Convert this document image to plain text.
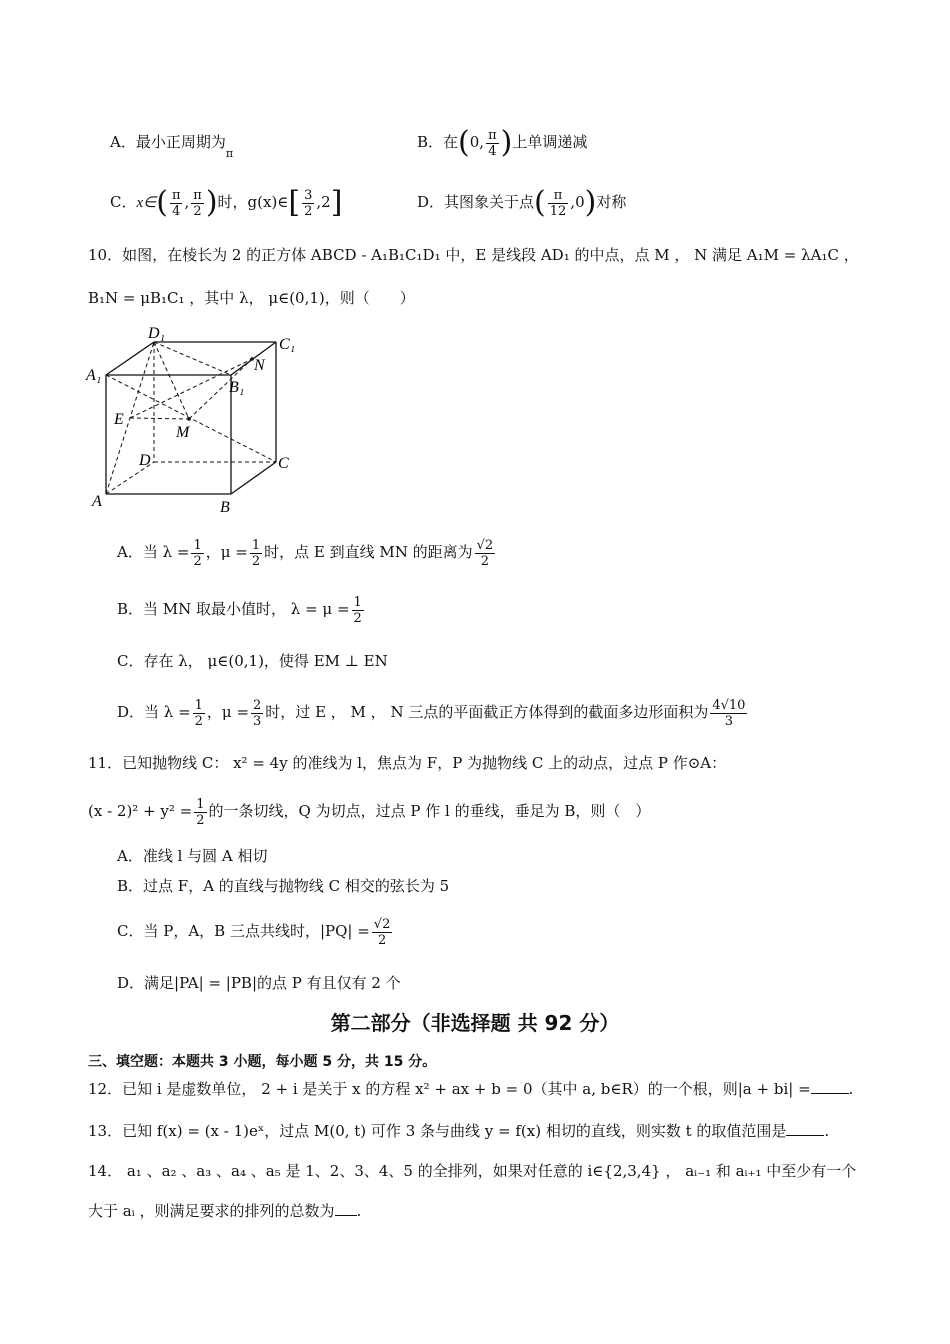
A．最小正周期为$_\pi$
B．在(0, $\frac{\pi}{4}$ )上单调递减
C．x∈( $\frac{\pi}{4}$ , $\frac{\pi}{2}$ )时，g(x)∈[ $\frac{3}{2} ,2$]	D．其图象关于点( $\frac{\pi}{12} ,0$)对称
10．如图，在棱长为 2 的正方体 ABCD - A₁B₁C₁D₁ 中，E 是线段 AD₁ 的中点，点 M ， N 满足 A₁M = λA₁C ，
B₁N = μB₁C₁ ，其中 λ， μ∈(0,1)，则（　　）
D₁
C₁
A₁
B₁
N
E
M
D	C
A	B
A．当 $\lambda = \frac{1}{2}$ ，$\mu = \frac{1}{2}$ 时，点 E 到直线 MN 的距离为 $\frac{√2}{2}$
B．当 MN 取最小值时， $\lambda = \mu = \frac{1}{2}$
C．存在 λ， μ∈(0,1)，使得 EM ⊥ EN
D．当 $\lambda = \frac{1}{2}$ ，$\mu = \frac{2}{3}$ 时，过 E ， M ， N 三点的平面截正方体得到的截面多边形面积为 $\frac{4√10}{3}$
11．已知抛物线 C： x² = 4y 的准线为 l，焦点为 F，P 为抛物线 C 上的动点，过点 P 作⊙A：
$(x - 2)^2 + y^2 = \frac{1}{2}$ 的一条切线，Q 为切点，过点 P 作 l 的垂线，垂足为 B，则（　）
A．准线 l 与圆 A 相切
B．过点 F，A 的直线与抛物线 C 相交的弦长为 5
C．当 P，A，B 三点共线时，$|PQ| = \frac{√2}{2}$
D．满足|PA| = |PB|的点 P 有且仅有 2 个
第二部分（非选择题 共 92 分）
三、填空题：本题共 3 小题，每小题 5 分，共 15 分。
12．已知 i 是虚数单位， 2 + i 是关于 x 的方程 x² + ax + b = 0（其中 a, b∈R）的一个根，则|a + bi| =	.
13．已知 f(x) = (x - 1)eˣ，过点 M(0, t) 可作 3 条与曲线 y = f(x) 相切的直线，则实数 t 的取值范围是	.
14． a₁ 、a₂ 、a₃ 、a₄ 、a₅ 是 1、2、3、4、5 的全排列，如果对任意的 i∈{2,3,4} ， aᵢ₋₁ 和 aᵢ₊₁ 中至少有一个
大于 aᵢ ，则满足要求的排列的总数为 .
